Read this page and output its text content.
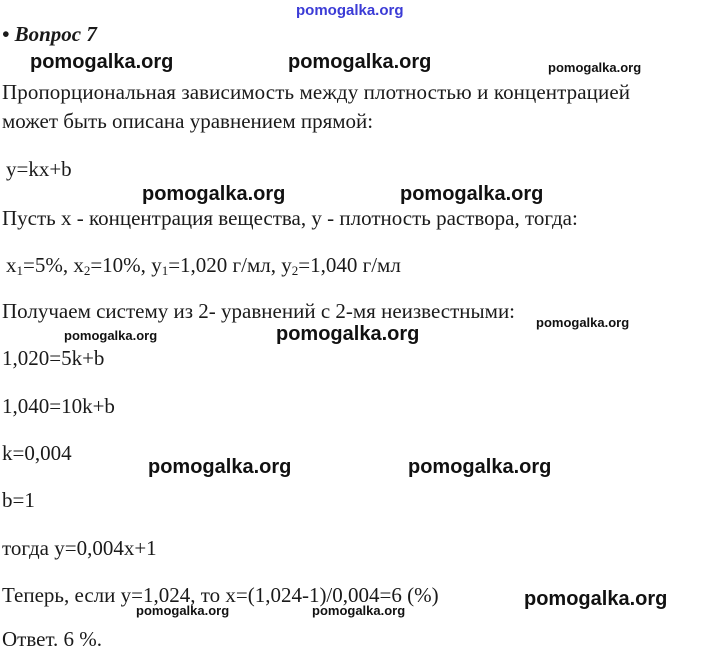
pomogalka.org
pomogalka.org	pomogalka.org	pomogalka.org
pomogalka.org	pomogalka.org
pomogalka.org
pomogalka.org	pomogalka.org
pomogalka.org	pomogalka.org
pomogalka.org
pomogalka.org	pomogalka.org
• Вопрос 7
Пропорциональная зависимость между плотностью и концентрацией
может быть описана уравнением прямой:
y=kx+b
Пусть x - концентрация вещества, y - плотность раствора, тогда:
$x_1=5\%$, $x_2=10\%$, $y_1=1,020$ г/мл, $y_2=1,040$ г/мл
Получаем систему из 2- уравнений с 2-мя неизвестными:
1,020=5k+b
1,040=10k+b
k=0,004
b=1
тогда y=0,004x+1
Теперь, если y=1,024, то x=(1,024-1)/0,004=6 (%)
Ответ. 6 %.
